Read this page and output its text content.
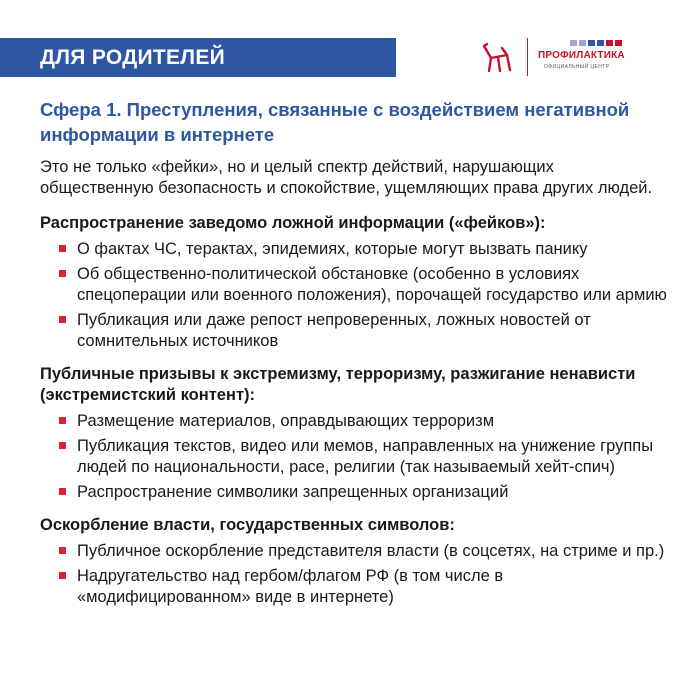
ДЛЯ РОДИТЕЛЕЙ	ПРОФИЛАКТИКА
ОФИЦИАЛЬНЫЙ ЦЕНТР
Сфера 1. Преступления, связанные с воздействием негативной информации в интернете
Это не только «фейки», но и целый спектр действий, нарушающих общественную безопасность и спокойствие, ущемляющих права других людей.
Распространение заведомо ложной информации («фейков»):
О фактах ЧС, терактах, эпидемиях, которые могут вызвать панику
Об общественно-политической обстановке (особенно в условиях спецоперации или военного положения), порочащей государство или армию
Публикация или даже репост непроверенных, ложных новостей от сомнительных источников
Публичные призывы к экстремизму, терроризму, разжигание ненависти (экстремистский контент):
Размещение материалов, оправдывающих терроризм
Публикация текстов, видео или мемов, направленных на унижение группы людей по национальности, расе, религии (так называемый хейт-спич)
Распространение символики запрещенных организаций
Оскорбление власти, государственных символов:
Публичное оскорбление представителя власти (в соцсетях, на стриме и пр.)
Надругательство над гербом/флагом РФ (в том числе в «модифицированном» виде в интернете)
